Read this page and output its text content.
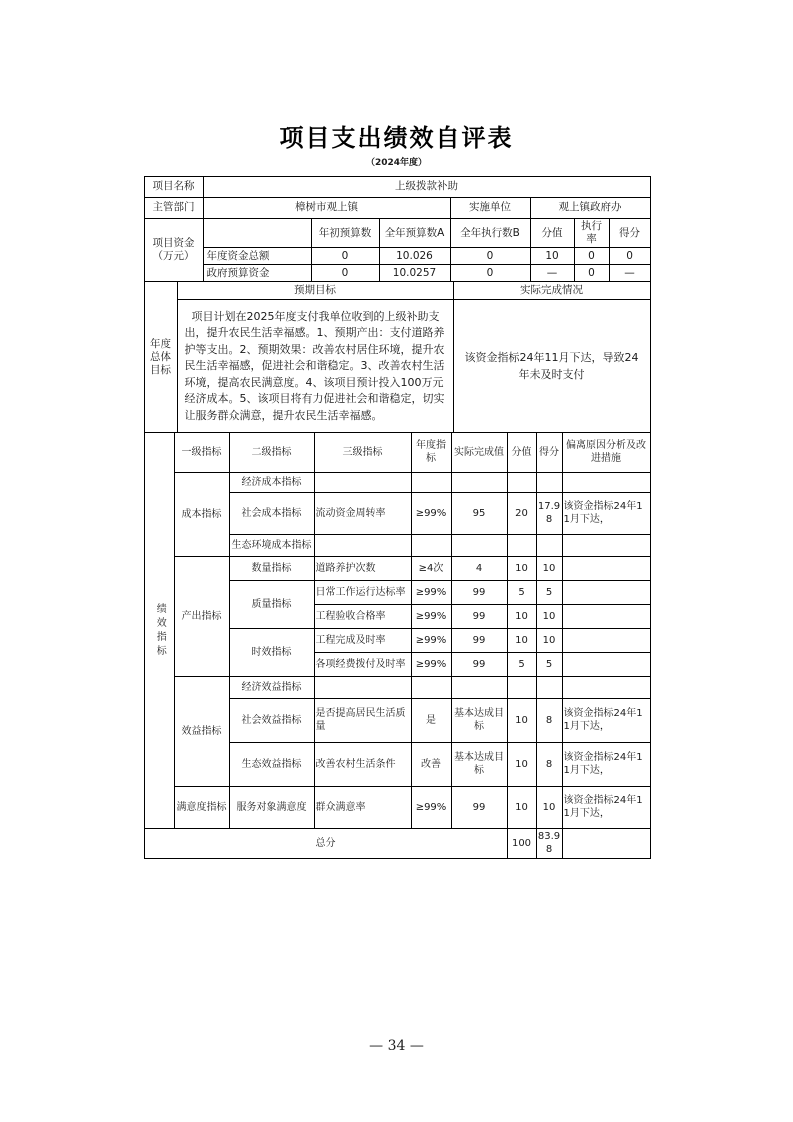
项目支出绩效自评表
（2024年度）
项目名称	上级拨款补助						
主管部门	樟树市观上镇			实施单位	观上镇政府办		
项目资金（万元）		年初预算数	全年预算数A	全年执行数B	分值	执行率	得分
	年度资金总额	0	10.026	0	10	0	0
	政府预算资金	0	10.0257	0	—	0	—
年度总体目标	预期目标	实际完成情况
	项目计划在2025年度支付我单位收到的上级补助支出，提升农民生活幸福感。1、预期产出：支付道路养护等支出。2、预期效果：改善农村居住环境，提升农民生活幸福感，促进社会和谐稳定。3、改善农村生活环境，提高农民满意度。4、该项目预计投入100万元经济成本。5、该项目将有力促进社会和谐稳定，切实让服务群众满意，提升农民生活幸福感。	该资金指标24年11月下达，导致24年未及时支付
绩效指标	一级指标	二级指标	三级指标	年度指标	实际完成值	分值	得分	偏离原因分析及改进措施
	成本指标	经济成本指标						
		社会成本指标	流动资金周转率	≥99%	95	20	17.98	该资金指标24年11月下达，
		生态环境成本指标						
	产出指标	数量指标	道路养护次数	≥4次	4	10	10	
		质量指标	日常工作运行达标率	≥99%	99	5	5	
			工程验收合格率	≥99%	99	10	10	
		时效指标	工程完成及时率	≥99%	99	10	10	
			各项经费拨付及时率	≥99%	99	5	5	
	效益指标	经济效益指标						
		社会效益指标	是否提高居民生活质量	是	基本达成目标	10	8	该资金指标24年11月下达，
		生态效益指标	改善农村生活条件	改善	基本达成目标	10	8	该资金指标24年11月下达，
	满意度指标	服务对象满意度	群众满意率	≥99%	99	10	10	该资金指标24年11月下达，
总分						100	83.98	
— 34 —
